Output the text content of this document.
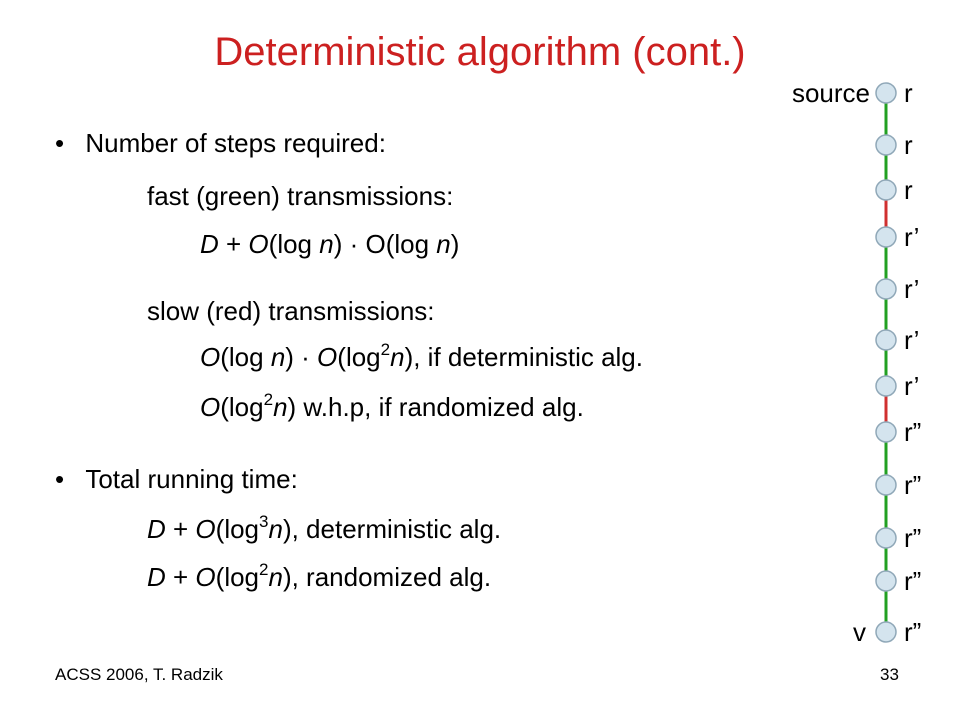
Deterministic algorithm (cont.)
• Number of steps required:
fast (green) transmissions:
D + O(log n) · O(log n)
slow (red) transmissions:
O(log $n) \cdot O(\log^2n)$, if deterministic alg.
$O(\log^2n)$ w.h.p, if randomized alg.
• Total running time:
$D + O(\log^3n)$, deterministic alg.
$D + O(\log^2n)$, randomized alg.
r
r
r
r’
r’
r’
r’
r”
r”
r”
r”
r”
source
v
ACSS 2006, T. Radzik	33
